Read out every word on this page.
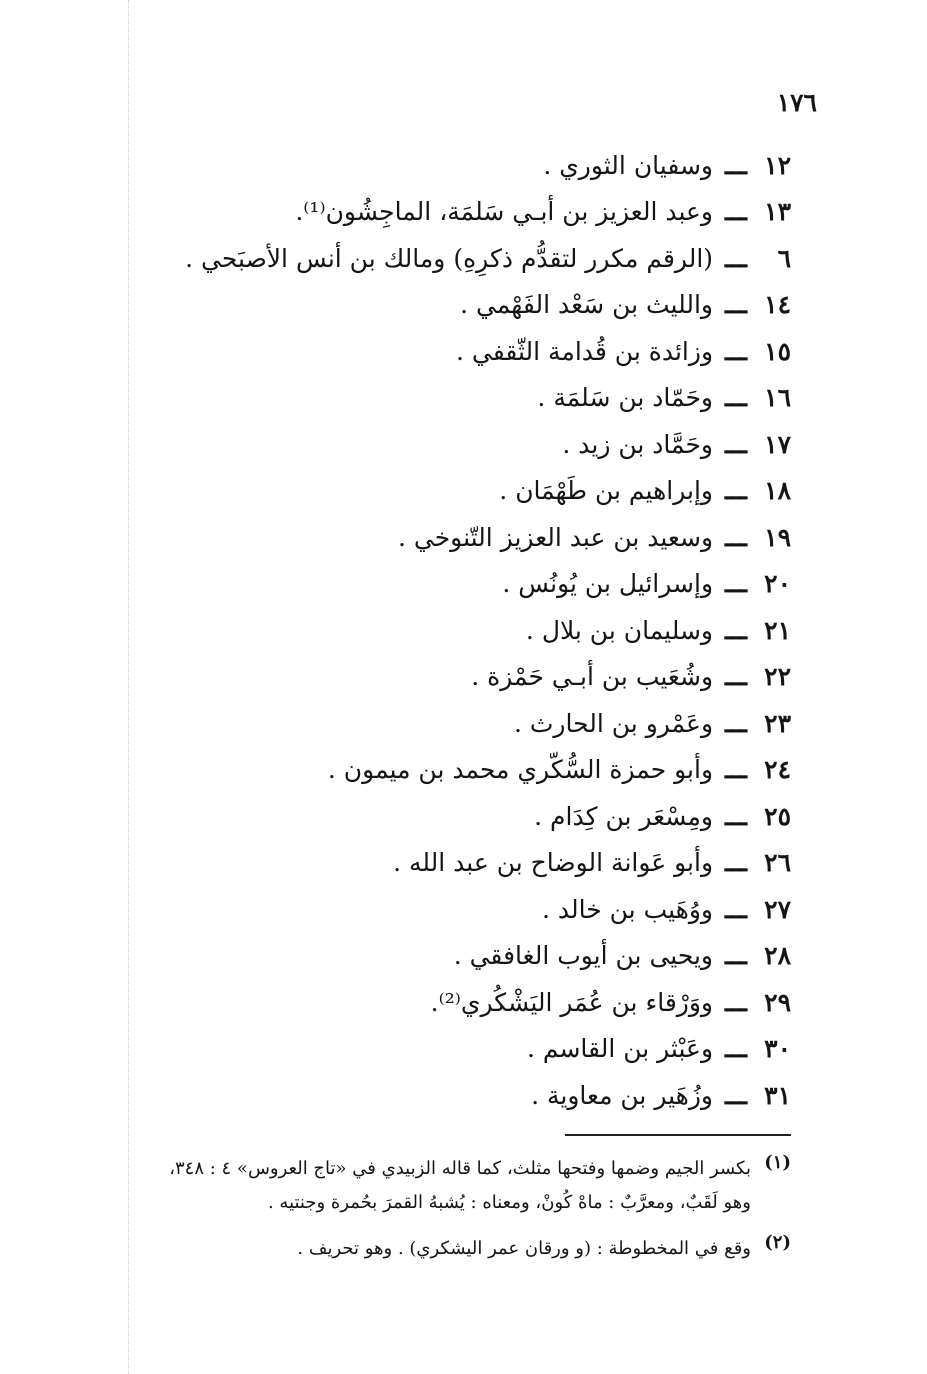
١٧٦
١٢
ـــ
وسفيان الثوري .
١٣
ـــ
وعبد العزيز بن أبـي سَلمَة، الماجِشُون⁽¹⁾.
٦
ـــ
(الرقم مكرر لتقدُّم ذكرِهِ) ومالك بن أنس الأصبَحي .
١٤
ـــ
والليث بن سَعْد الفَهْمي .
١٥
ـــ
وزائدة بن قُدامة الثّقفي .
١٦
ـــ
وحَمّاد بن سَلمَة .
١٧
ـــ
وحَمَّاد بن زيد .
١٨
ـــ
وإبراهيم بن طَهْمَان .
١٩
ـــ
وسعيد بن عبد العزيز التّنوخي .
٢٠
ـــ
وإسرائيل بن يُونُس .
٢١
ـــ
وسليمان بن بلال .
٢٢
ـــ
وشُعَيب بن أبـي حَمْزة .
٢٣
ـــ
وعَمْرو بن الحارث .
٢٤
ـــ
وأبو حمزة السُّكّري محمد بن ميمون .
٢٥
ـــ
ومِسْعَر بن كِدَام .
٢٦
ـــ
وأبو عَوانة الوضاح بن عبد الله .
٢٧
ـــ
ووُهَيب بن خالد .
٢٨
ـــ
ويحيى بن أيوب الغافقي .
٢٩
ـــ
ووَرْقاء بن عُمَر اليَشْكُري⁽²⁾.
٣٠
ـــ
وعَبْثر بن القاسم .
٣١
ـــ
وزُهَير بن معاوية .
(١)
بكسر الجيم وضمها وفتحها مثلث، كما قاله الزبيدي في «تاج العروس» ٤ : ٣٤٨،
وهو لَقَبٌ، ومعرَّبٌ : ماهْ كُونْ، ومعناه : يُشبهُ القمرَ بحُمرة وجنتيه .
(٢)
وقع في المخطوطة : (و ورقان عمر اليشكري) . وهو تحريف .
